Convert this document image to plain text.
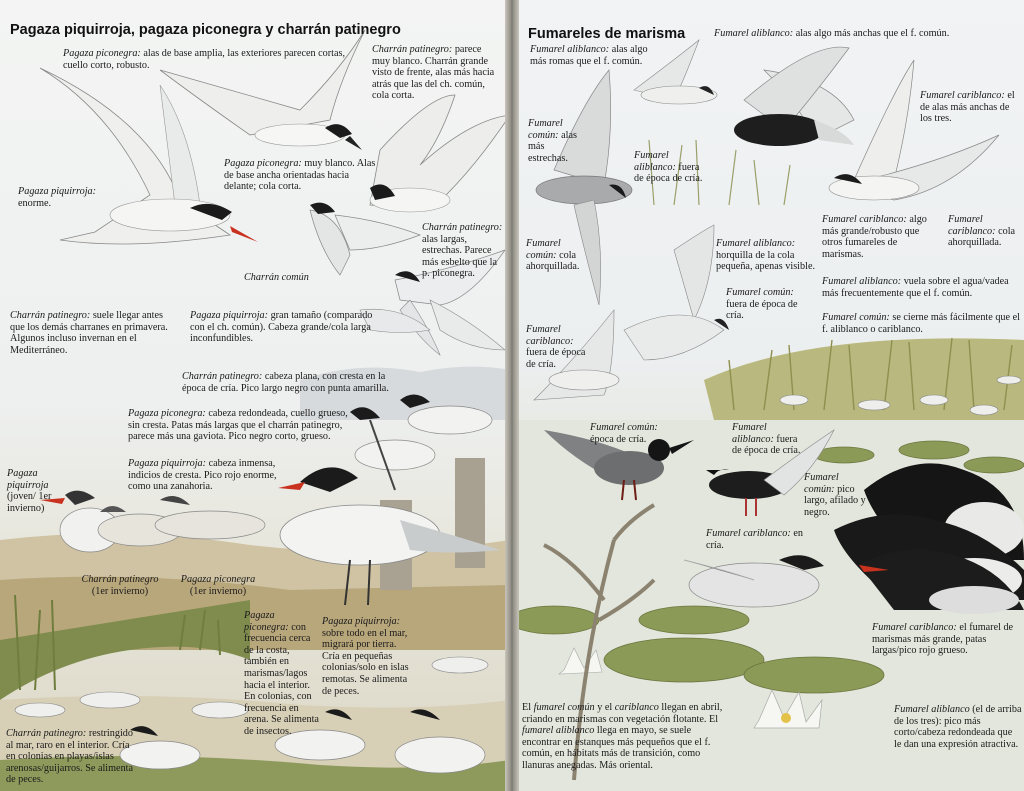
Pagaza piquirroja, pagaza piconegra y charrán patinegro
Pagaza piconegra: alas de base amplia, las exteriores parecen cortas, cuello corto, robusto.
Charrán patinegro: parece muy blanco. Charrán grande visto de frente, alas más hacia atrás que las del ch. común, cola corta.
Pagaza piquirroja: enorme.
Pagaza piconegra: muy blanco. Alas de base ancha orientadas hacia delante; cola corta.
Charrán patinegro: alas largas, estrechas. Parece más esbelto que la p. piconegra.
Charrán común
Charrán patinegro: suele llegar antes que los demás charranes en primavera. Algunos incluso invernan en el Mediterráneo.
Pagaza piquirroja: gran tamaño (comparado con el ch. común). Cabeza grande/cola larga inconfundibles.
Charrán patinegro: cabeza plana, con cresta en la época de cría. Pico largo negro con punta amarilla.
Pagaza piconegra: cabeza redondeada, cuello grueso, sin cresta. Patas más largas que el charrán patinegro, parece más una gaviota. Pico negro corto, grueso.
Pagaza piquirroja: cabeza inmensa, indicios de cresta. Pico rojo enorme, como una zanahoria.
Pagaza piquirroja (joven/ 1er invierno)
Charrán patinegro
(1er invierno)
Pagaza piconegra
(1er invierno)
Pagaza piconegra: con frecuencia cerca de la costa, también en marismas/lagos hacia el interior. En colonias, con frecuencia en arena. Se alimenta de insectos.
Pagaza piquirroja: sobre todo en el mar, migrará por tierra. Cría en pequeñas colonias/solo en islas remotas. Se alimenta de peces.
Charrán patinegro: restringido al mar, raro en el interior. Cría en colonias en playas/islas arenosas/guijarros. Se alimenta de peces.
Fumareles de marisma
Fumarel aliblanco: alas algo más romas que el f. común.
Fumarel aliblanco: alas algo más anchas que el f. común.
Fumarel cariblanco: el de alas más anchas de los tres.
Fumarel común: alas más estrechas.	Fumarel aliblanco: fuera de época de cría.
Fumarel cariblanco: algo más grande/robusto que otros fumareles de marismas.
Fumarel cariblanco: cola ahorquillada.
Fumarel común: cola ahorquillada.
Fumarel aliblanco: horquilla de la cola pequeña, apenas visible.
Fumarel aliblanco: vuela sobre el agua/vadea más frecuentemente que el f. común.
Fumarel común: fuera de época de cría.	Fumarel común: se cierne más fácilmente que el f. aliblanco o cariblanco.
Fumarel cariblanco: fuera de época de cría.
Fumarel común: época de cría.
Fumarel aliblanco: fuera de época de cría.
Fumarel común: pico largo, afilado y negro.
Fumarel cariblanco: en cría.
Fumarel cariblanco: el fumarel de marismas más grande, patas largas/pico rojo grueso.
El fumarel común y el cariblanco llegan en abril, criando en marismas con vegetación flotante. El fumarel aliblanco llega en mayo, se suele encontrar en estanques más pequeños que el f. común, en hábitats más de transición, como llanuras anegadas. Más oriental.
Fumarel aliblanco (el de arriba de los tres): pico más corto/cabeza redondeada que le dan una expresión atractiva.
